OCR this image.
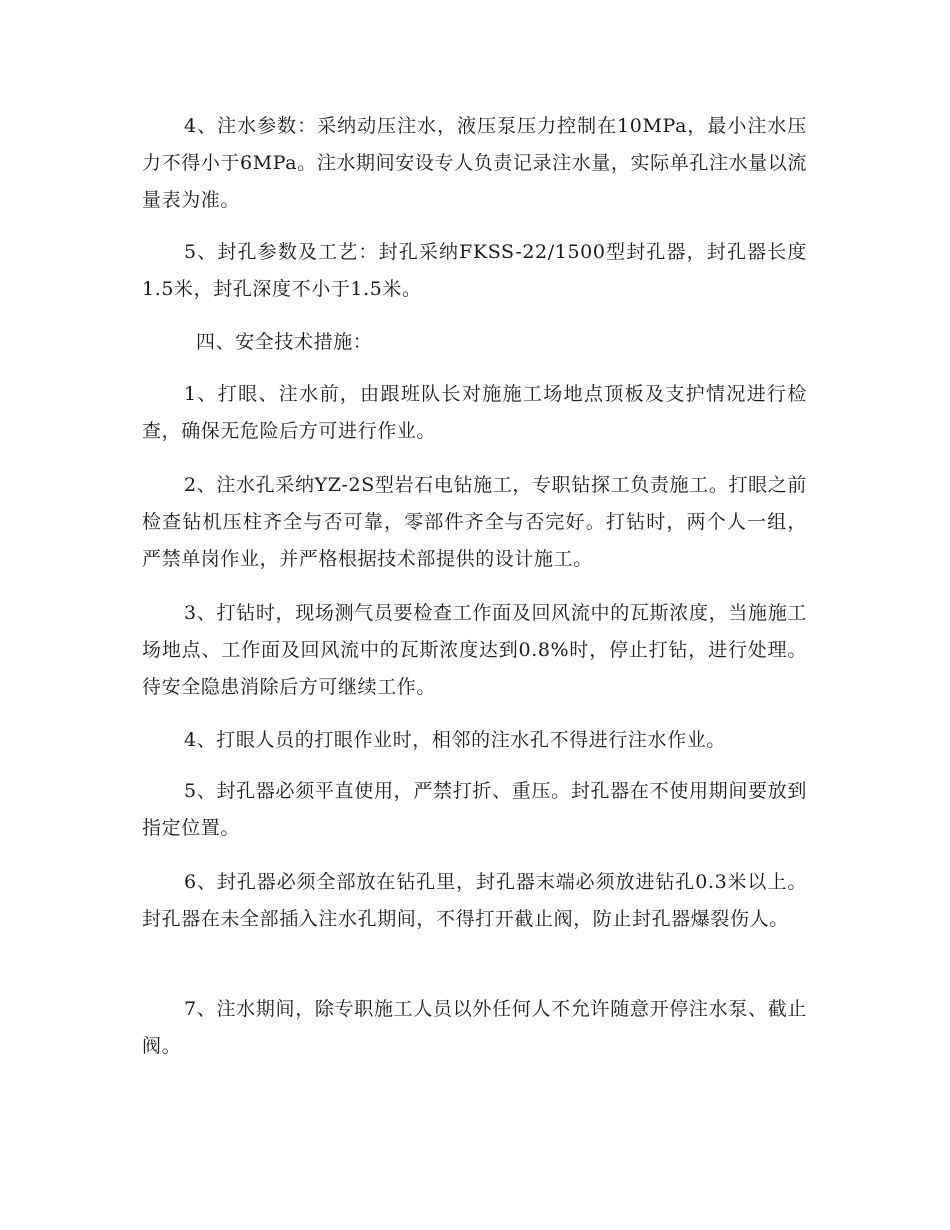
4、注水参数：采纳动压注水，液压泵压力控制在10MPa，最小注水压力不得小于6MPa。注水期间安设专人负责记录注水量，实际单孔注水量以流量表为准。

5、封孔参数及工艺：封孔采纳FKSS-22/1500型封孔器，封孔器长度1.5米，封孔深度不小于1.5米。

四、安全技术措施：

1、打眼、注水前，由跟班队长对施施工场地点顶板及支护情况进行检查，确保无危险后方可进行作业。

2、注水孔采纳YZ-2S型岩石电钻施工，专职钻探工负责施工。打眼之前检查钻机压柱齐全与否可靠，零部件齐全与否完好。打钻时，两个人一组，严禁单岗作业，并严格根据技术部提供的设计施工。

3、打钻时，现场测气员要检查工作面及回风流中的瓦斯浓度，当施施工场地点、工作面及回风流中的瓦斯浓度达到0.8%时，停止打钻，进行处理。待安全隐患消除后方可继续工作。

4、打眼人员的打眼作业时，相邻的注水孔不得进行注水作业。

5、封孔器必须平直使用，严禁打折、重压。封孔器在不使用期间要放到指定位置。

6、封孔器必须全部放在钻孔里，封孔器末端必须放进钻孔0.3米以上。封孔器在未全部插入注水孔期间，不得打开截止阀，防止封孔器爆裂伤人。

7、注水期间，除专职施工人员以外任何人不允许随意开停注水泵、截止阀。
